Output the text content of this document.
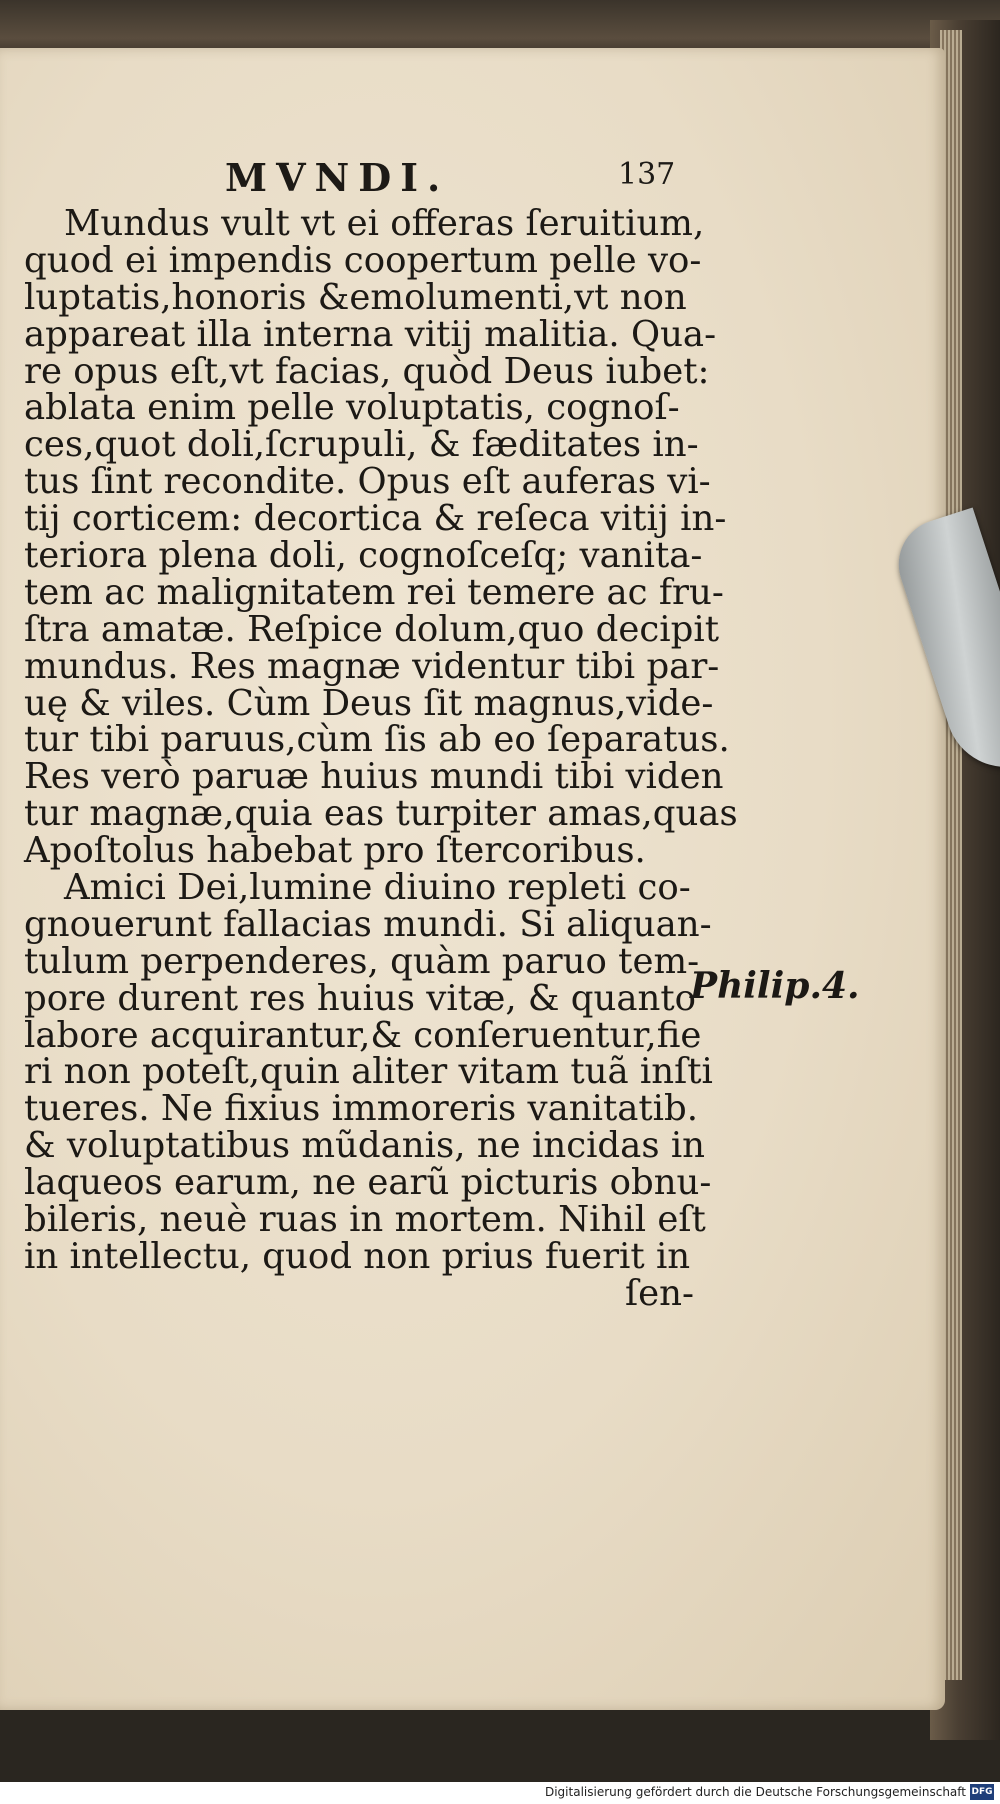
MVNDI.	137
Mundus vult vt ei offeras ſeruitium,
quod ei impendis coopertum pelle vo-
luptatis,honoris &emolumenti,vt non
appareat illa interna vitij malitia. Qua-
re opus eſt,vt facias, quòd Deus iubet:
ablata enim pelle voluptatis, cognoſ-
ces,quot doli,ſcrupuli, & fæditates in-
tus ſint recondite. Opus eſt auferas vi-
tij corticem: decortica & reſeca vitij in-
teriora plena doli, cognoſceſq; vanita-
tem ac malignitatem rei temere ac fru-
ſtra amatæ. Reſpice dolum,quo decipit
mundus. Res magnæ videntur tibi par-
uę & viles. Cùm Deus ſit magnus,vide-
tur tibi paruus,cùm ſis ab eo ſeparatus.
Res verò paruæ huius mundi tibi viden
tur magnæ,quia eas turpiter amas,quas
Apoſtolus habebat pro ſtercoribus.
Amici Dei,lumine diuino repleti co-
gnouerunt fallacias mundi. Si aliquan-
tulum perpenderes, quàm paruo tem-
pore durent res huius vitæ, & quanto
labore acquirantur,& conſeruentur,fie
ri non poteſt,quin aliter vitam tuã inſti
tueres. Ne fixius immoreris vanitatib.
& voluptatibus mũdanis, ne incidas in
laqueos earum, ne earũ picturis obnu-
bileris, neuè ruas in mortem. Nihil eſt
in intellectu, quod non prius fuerit in
ſen-
Philip.4.
Digitalisierung gefördert durch die Deutsche Forschungsgemeinschaft DFG
